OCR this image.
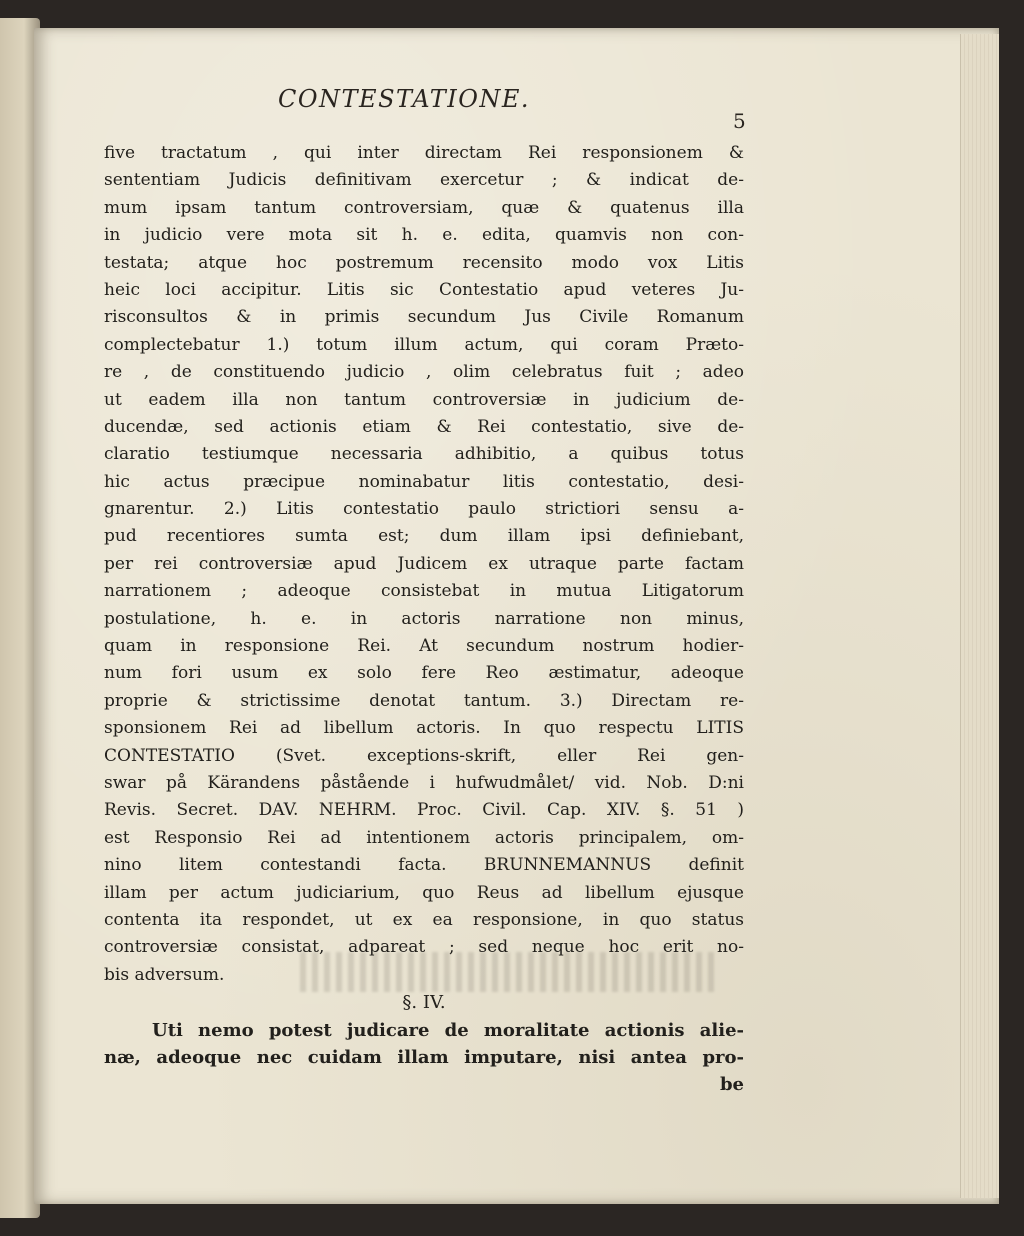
CONTESTATIONE.
5
five tractatum , qui inter directam Rei responsionem &
sententiam Judicis definitivam exercetur ; & indicat de-
mum ipsam tantum controversiam, quæ & quatenus illa
in judicio vere mota sit h. e. edita, quamvis non con-
testata; atque hoc postremum recensito modo vox Litis
heic loci accipitur. Litis sic Contestatio apud veteres Ju-
risconsultos & in primis secundum Jus Civile Romanum
complectebatur 1.) totum illum actum, qui coram Præto-
re , de constituendo judicio , olim celebratus fuit ; adeo
ut eadem illa non tantum controversiæ in judicium de-
ducendæ, sed actionis etiam & Rei contestatio, sive de-
claratio testiumque necessaria adhibitio, a quibus totus
hic actus præcipue nominabatur litis contestatio, desi-
gnarentur. 2.) Litis contestatio paulo strictiori sensu a-
pud recentiores sumta est; dum illam ipsi definiebant,
per rei controversiæ apud Judicem ex utraque parte factam
narrationem ; adeoque consistebat in mutua Litigatorum
postulatione, h. e. in actoris narratione non minus,
quam in responsione Rei. At secundum nostrum hodier-
num fori usum ex solo fere Reo æstimatur, adeoque
proprie & strictissime denotat tantum. 3.) Directam re-
sponsionem Rei ad libellum actoris. In quo respectu LITIS
CONTESTATIO (Svet. exceptions-skrift, eller Rei gen-
swar på Kärandens påstående i hufwudmålet/ vid. Nob. D:ni
Revis. Secret. DAV. NEHRM. Proc. Civil. Cap. XIV. §. 51 )
est Responsio Rei ad intentionem actoris principalem, om-
nino litem contestandi facta. BRUNNEMANNUS definit
illam per actum judiciarium, quo Reus ad libellum ejusque
contenta ita respondet, ut ex ea responsione, in quo status
controversiæ consistat, adpareat ; sed neque hoc erit no-
bis adversum.
§. IV.
Uti nemo potest judicare de moralitate actionis alie-
næ, adeoque nec cuidam illam imputare, nisi antea pro-
be
